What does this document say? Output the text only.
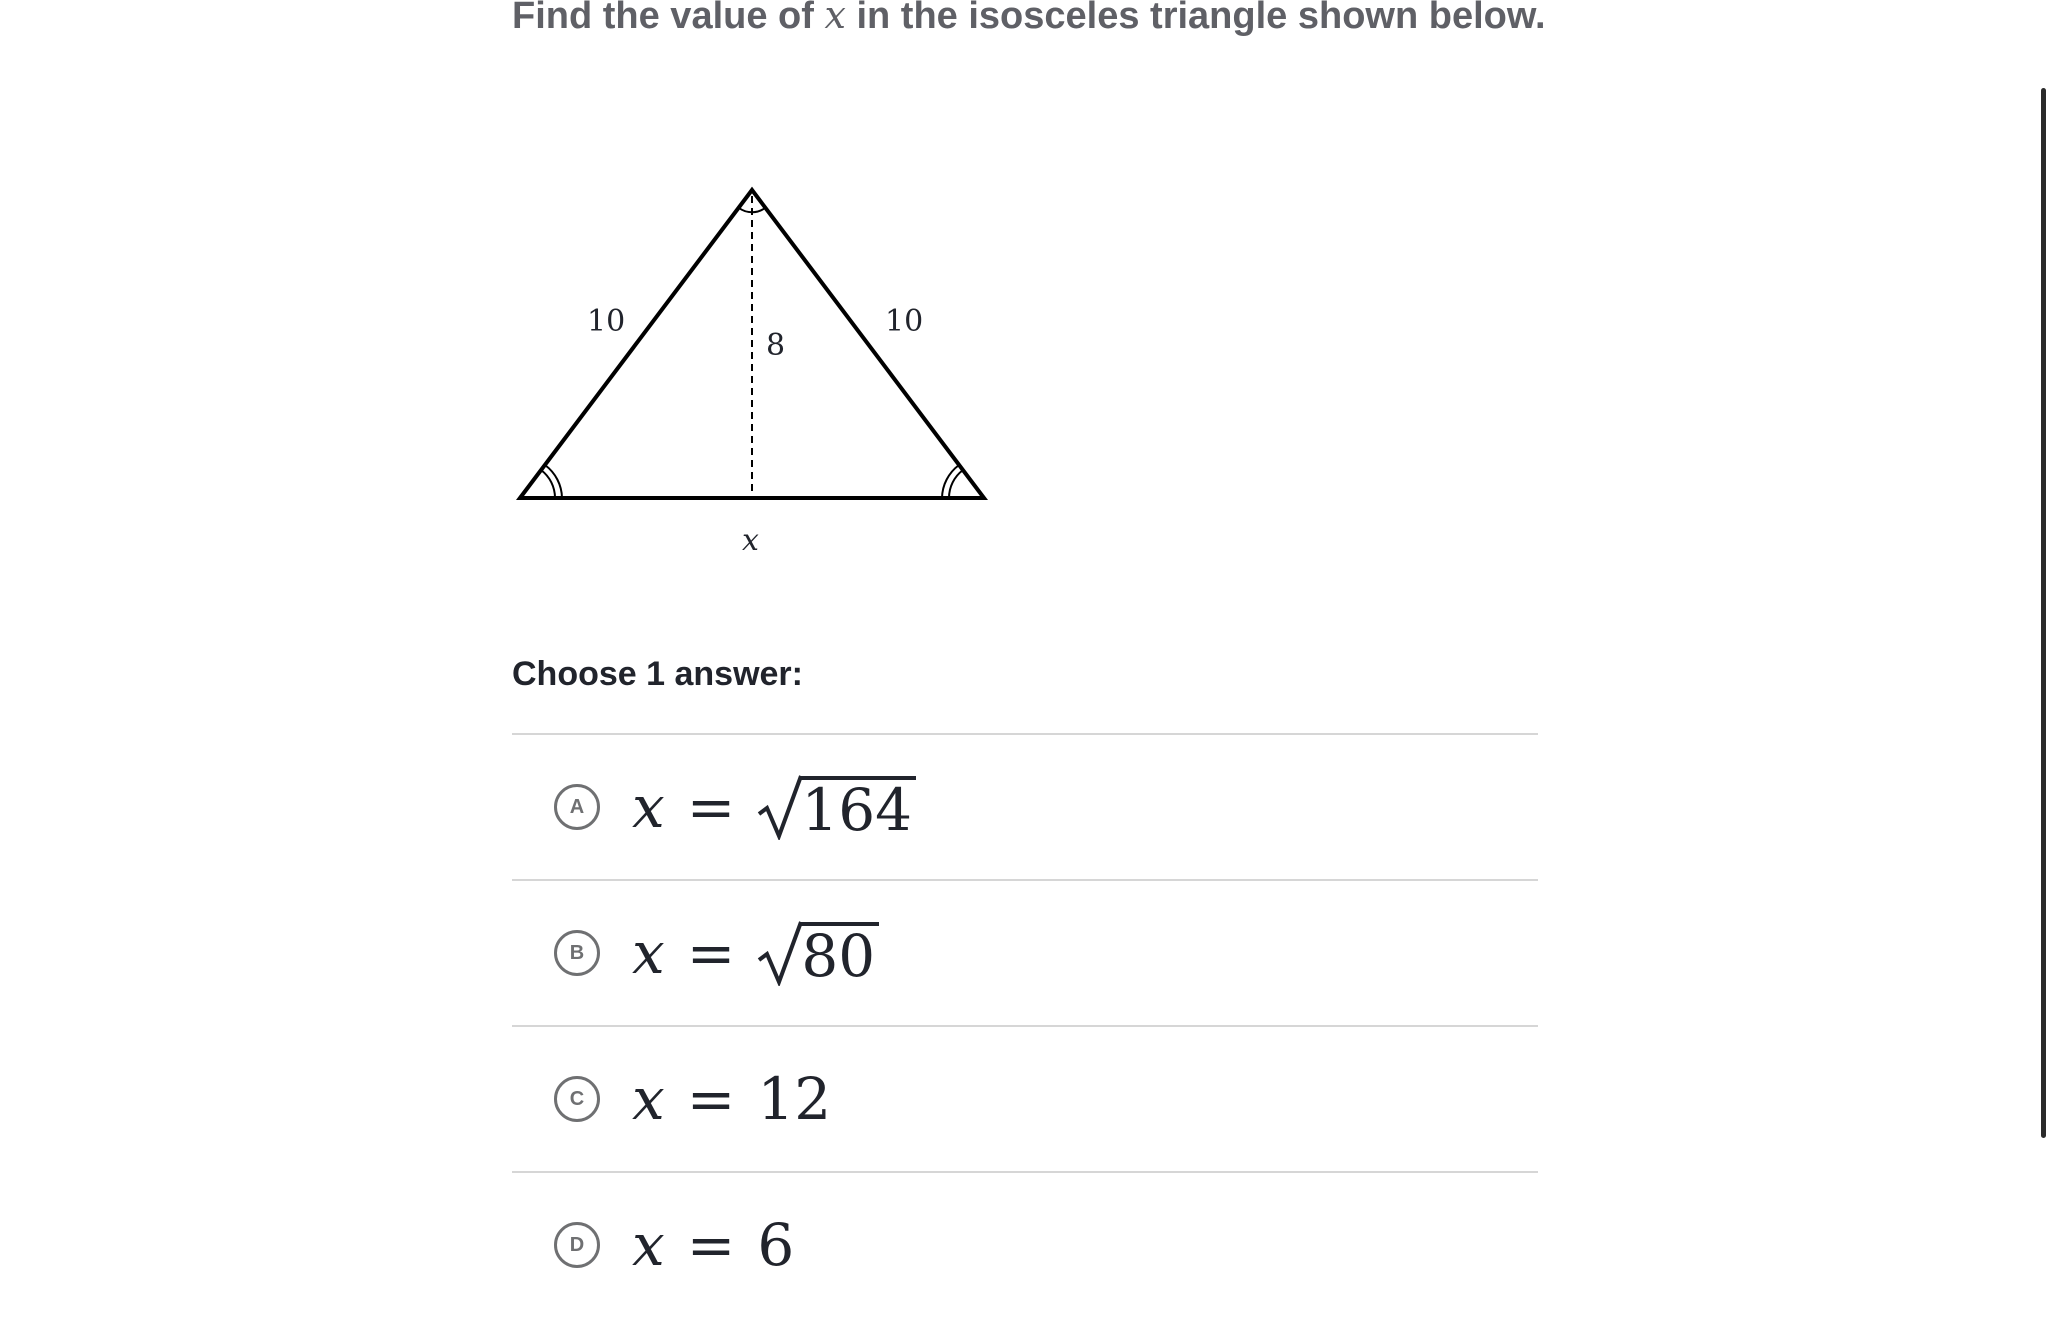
Find the value of x in the isosceles triangle shown below.
10	10
8
x
Choose 1 answer:
A x = 164
B x = 80
C x = 12
D x = 6
